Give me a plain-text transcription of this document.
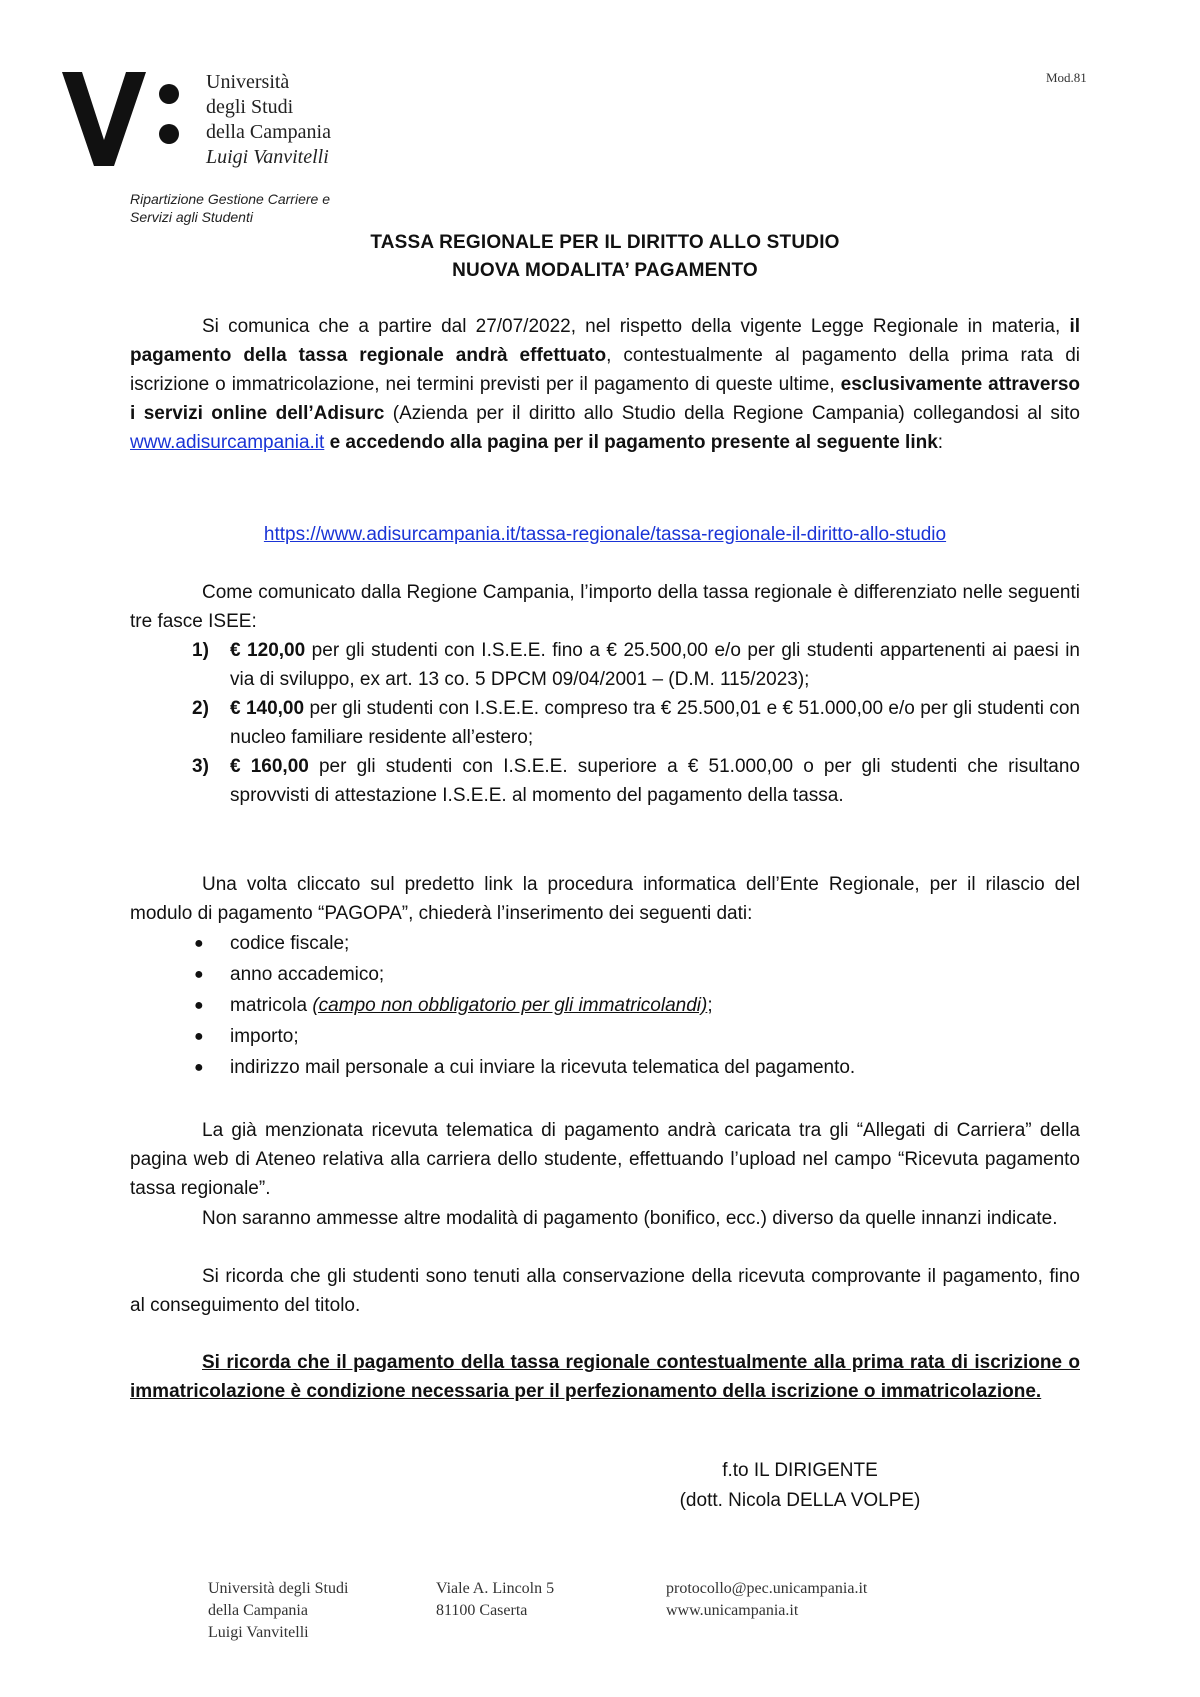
Università
degli Studi
della Campania
Luigi Vanvitelli
Mod.81
Ripartizione Gestione Carriere e
Servizi agli Studenti
TASSA REGIONALE PER IL DIRITTO ALLO STUDIO
NUOVA MODALITA’ PAGAMENTO
Si comunica che a partire dal 27/07/2022, nel rispetto della vigente Legge Regionale in materia, il pagamento della tassa regionale andrà effettuato, contestualmente al pagamento della prima rata di iscrizione o immatricolazione, nei termini previsti per il pagamento di queste ultime, esclusivamente attraverso i servizi online dell’Adisurc (Azienda per il diritto allo Studio della Regione Campania) collegandosi al sito www.adisurcampania.it e accedendo alla pagina per il pagamento presente al seguente link:
https://www.adisurcampania.it/tassa-regionale/tassa-regionale-il-diritto-allo-studio
Come comunicato dalla Regione Campania, l’importo della tassa regionale è differenziato nelle seguenti tre fasce ISEE:
1) € 120,00 per gli studenti con I.S.E.E. fino a € 25.500,00 e/o per gli studenti appartenenti ai paesi in via di sviluppo, ex art. 13 co. 5 DPCM 09/04/2001 – (D.M. 115/2023);
2) € 140,00 per gli studenti con I.S.E.E. compreso tra € 25.500,01 e € 51.000,00 e/o per gli studenti con nucleo familiare residente all’estero;
3) € 160,00 per gli studenti con I.S.E.E. superiore a € 51.000,00 o per gli studenti che risultano sprovvisti di attestazione I.S.E.E. al momento del pagamento della tassa.
Una volta cliccato sul predetto link la procedura informatica dell’Ente Regionale, per il rilascio del modulo di pagamento “PAGOPA”, chiederà l’inserimento dei seguenti dati:
● codice fiscale;
● anno accademico;
● matricola (campo non obbligatorio per gli immatricolandi);
● importo;
● indirizzo mail personale a cui inviare la ricevuta telematica del pagamento.
La già menzionata ricevuta telematica di pagamento andrà caricata tra gli “Allegati di Carriera” della pagina web di Ateneo relativa alla carriera dello studente, effettuando l’upload nel campo “Ricevuta pagamento tassa regionale”.
Non saranno ammesse altre modalità di pagamento (bonifico, ecc.) diverso da quelle innanzi indicate.
Si ricorda che gli studenti sono tenuti alla conservazione della ricevuta comprovante il pagamento, fino al conseguimento del titolo.
Si ricorda che il pagamento della tassa regionale contestualmente alla prima rata di iscrizione o immatricolazione è condizione necessaria per il perfezionamento della iscrizione o immatricolazione.
f.to IL DIRIGENTE
(dott. Nicola DELLA VOLPE)
Università degli Studi
della Campania
Luigi Vanvitelli
Viale A. Lincoln 5
81100 Caserta
protocollo@pec.unicampania.it
www.unicampania.it
